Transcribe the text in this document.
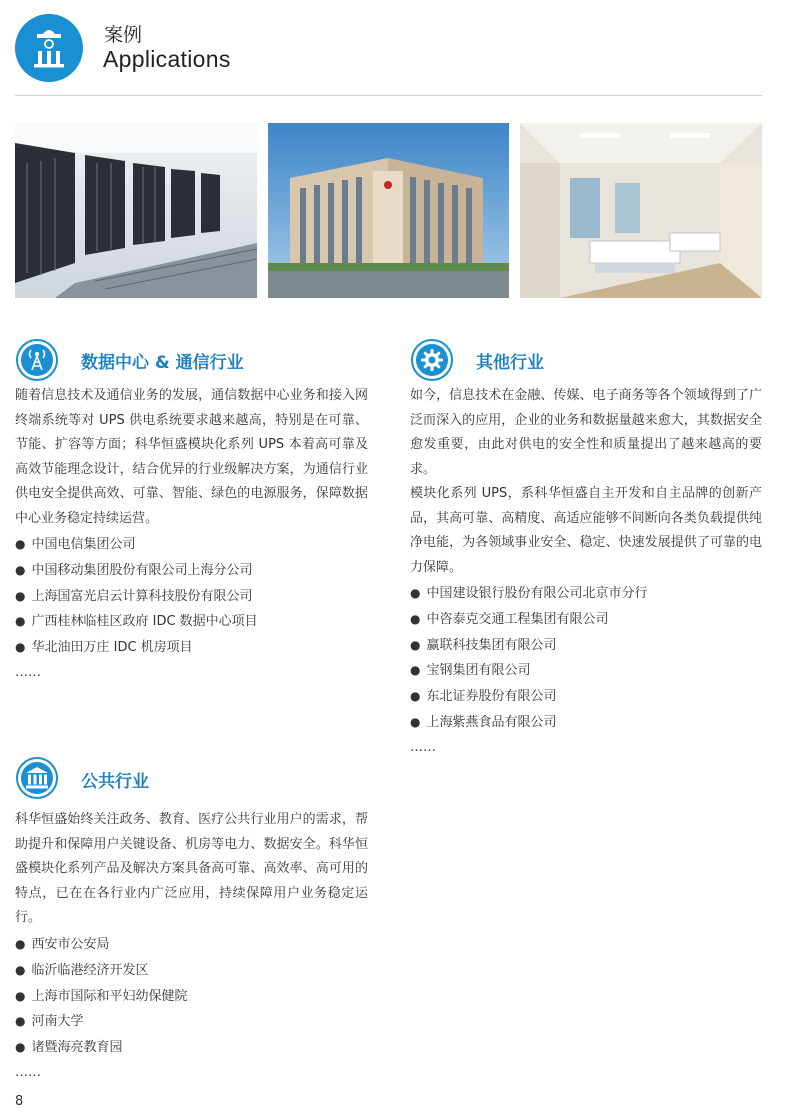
案例
Applications
数据中心 & 通信行业
随着信息技术及通信业务的发展，通信数据中心业务和接入网终端系统等对 UPS 供电系统要求越来越高，特别是在可靠、节能、扩容等方面；科华恒盛模块化系列 UPS 本着高可靠及高效节能理念设计，结合优异的行业级解决方案，为通信行业供电安全提供高效、可靠、智能、绿色的电源服务，保障数据中心业务稳定持续运营。
● 中国电信集团公司
● 中国移动集团股份有限公司上海分公司
● 上海国富光启云计算科技股份有限公司
● 广西桂林临桂区政府 IDC 数据中心项目
● 华北油田万庄 IDC 机房项目
……
其他行业
如今，信息技术在金融、传媒、电子商务等各个领域得到了广泛而深入的应用，企业的业务和数据量越来愈大，其数据安全愈发重要，由此对供电的安全性和质量提出了越来越高的要求。
模块化系列 UPS，系科华恒盛自主开发和自主品牌的创新产品，其高可靠、高精度、高适应能够不间断向各类负载提供纯净电能，为各领域事业安全、稳定、快速发展提供了可靠的电力保障。
● 中国建设银行股份有限公司北京市分行
● 中咨泰克交通工程集团有限公司
● 赢联科技集团有限公司
● 宝钢集团有限公司
● 东北证券股份有限公司
● 上海紫燕食品有限公司
……
公共行业
科华恒盛始终关注政务、教育、医疗公共行业用户的需求，帮助提升和保障用户关键设备、机房等电力、数据安全。科华恒盛模块化系列产品及解决方案具备高可靠、高效率、高可用的特点，已在在各行业内广泛应用，持续保障用户业务稳定运行。
● 西安市公安局
● 临沂临港经济开发区
● 上海市国际和平妇幼保健院
● 河南大学
● 诸暨海亮教育园
……
8
